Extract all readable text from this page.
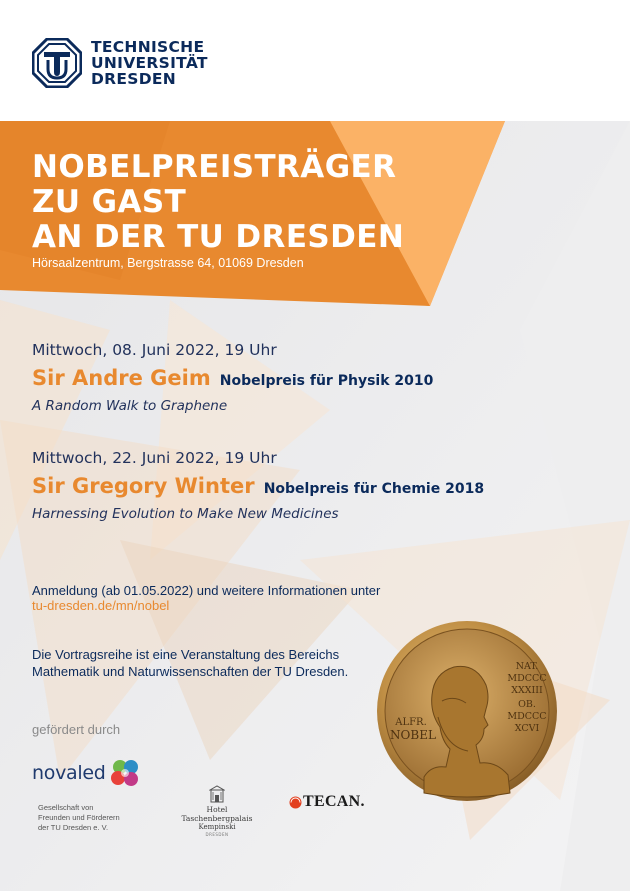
TECHNISCHE
UNIVERSITÄT
DRESDEN
NOBELPREISTRÄGER
ZU GAST
AN DER TU DRESDEN
Hörsaalzentrum, Bergstrasse 64, 01069 Dresden
Mittwoch, 08. Juni 2022, 19 Uhr
Sir Andre Geim Nobelpreis für Physik 2010
A Random Walk to Graphene
Mittwoch, 22. Juni 2022, 19 Uhr
Sir Gregory Winter Nobelpreis für Chemie 2018
Harnessing Evolution to Make New Medicines
Anmeldung (ab 01.05.2022) und weitere Informationen unter
tu-dresden.de/mn/nobel
Die Vortragsreihe ist eine Veranstaltung des Bereichs
Mathematik und Naturwissenschaften der TU Dresden.
gefördert durch
novaled
Gesellschaft von
Freunden und Förderern
der TU Dresden e. V.
Hotel Taschenbergpalais
Kempinski
DRESDEN
TECAN.
NAT.
MDCCC
XXXIII
OB.
MDCCC
XCVI
ALFR.
NOBEL
